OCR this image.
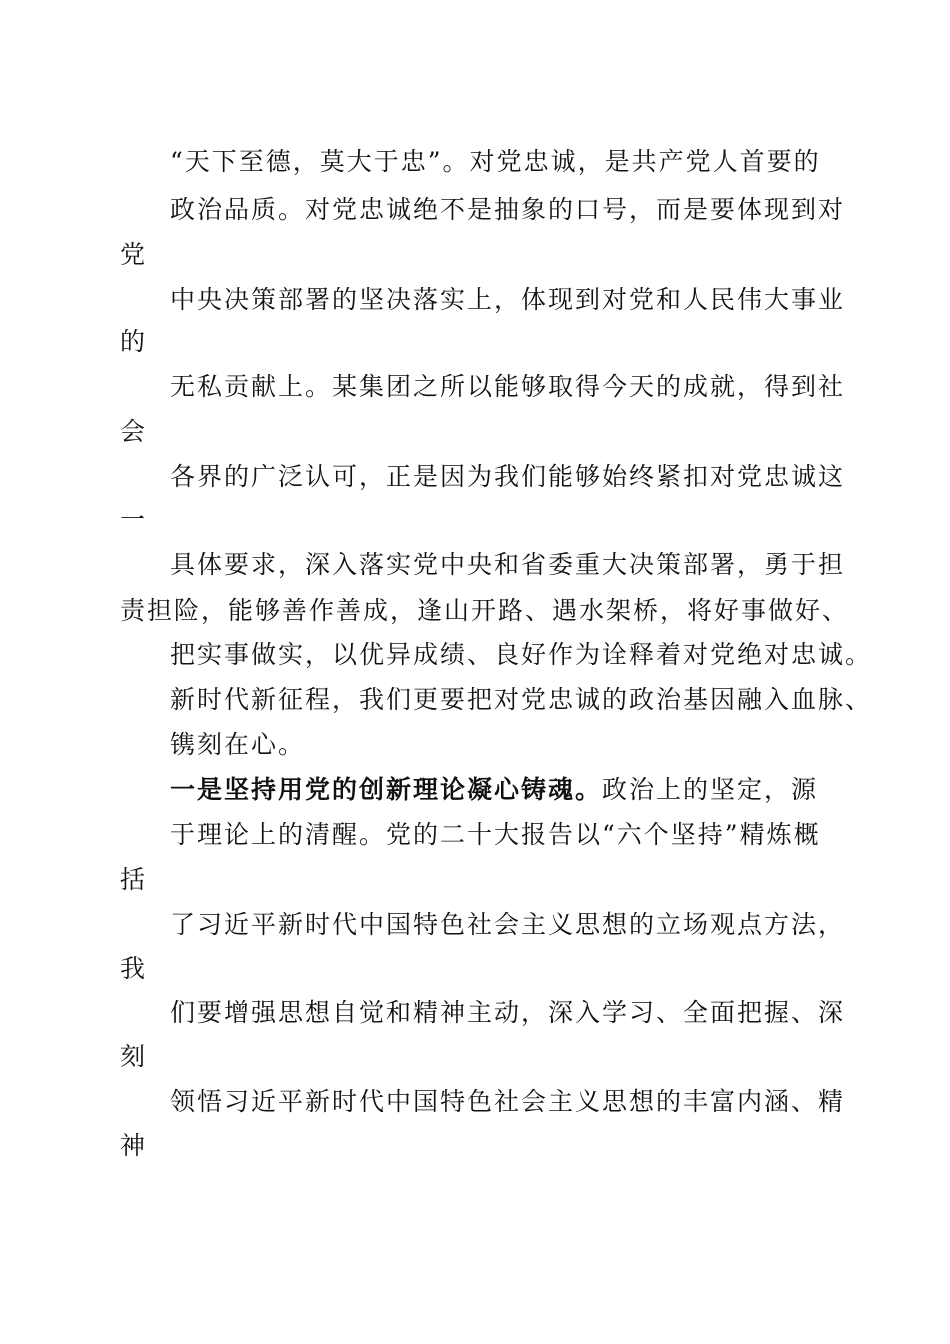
“天下至德，莫大于忠”。对党忠诚，是共产党人首要的
政治品质。对党忠诚绝不是抽象的口号，而是要体现到对
党
中央决策部署的坚决落实上，体现到对党和人民伟大事业
的
无私贡献上。某集团之所以能够取得今天的成就，得到社
会
各界的广泛认可，正是因为我们能够始终紧扣对党忠诚这
一
具体要求，深入落实党中央和省委重大决策部署，勇于担
责担险，能够善作善成，逢山开路、遇水架桥，将好事做好、
把实事做实，以优异成绩、良好作为诠释着对党绝对忠诚。
新时代新征程，我们更要把对党忠诚的政治基因融入血脉、
镌刻在心。
一是坚持用党的创新理论凝心铸魂。政治上的坚定，源
于理论上的清醒。党的二十大报告以“六个坚持”精炼概
括
了习近平新时代中国特色社会主义思想的立场观点方法，
我
们要增强思想自觉和精神主动，深入学习、全面把握、深
刻
领悟习近平新时代中国特色社会主义思想的丰富内涵、精
神
